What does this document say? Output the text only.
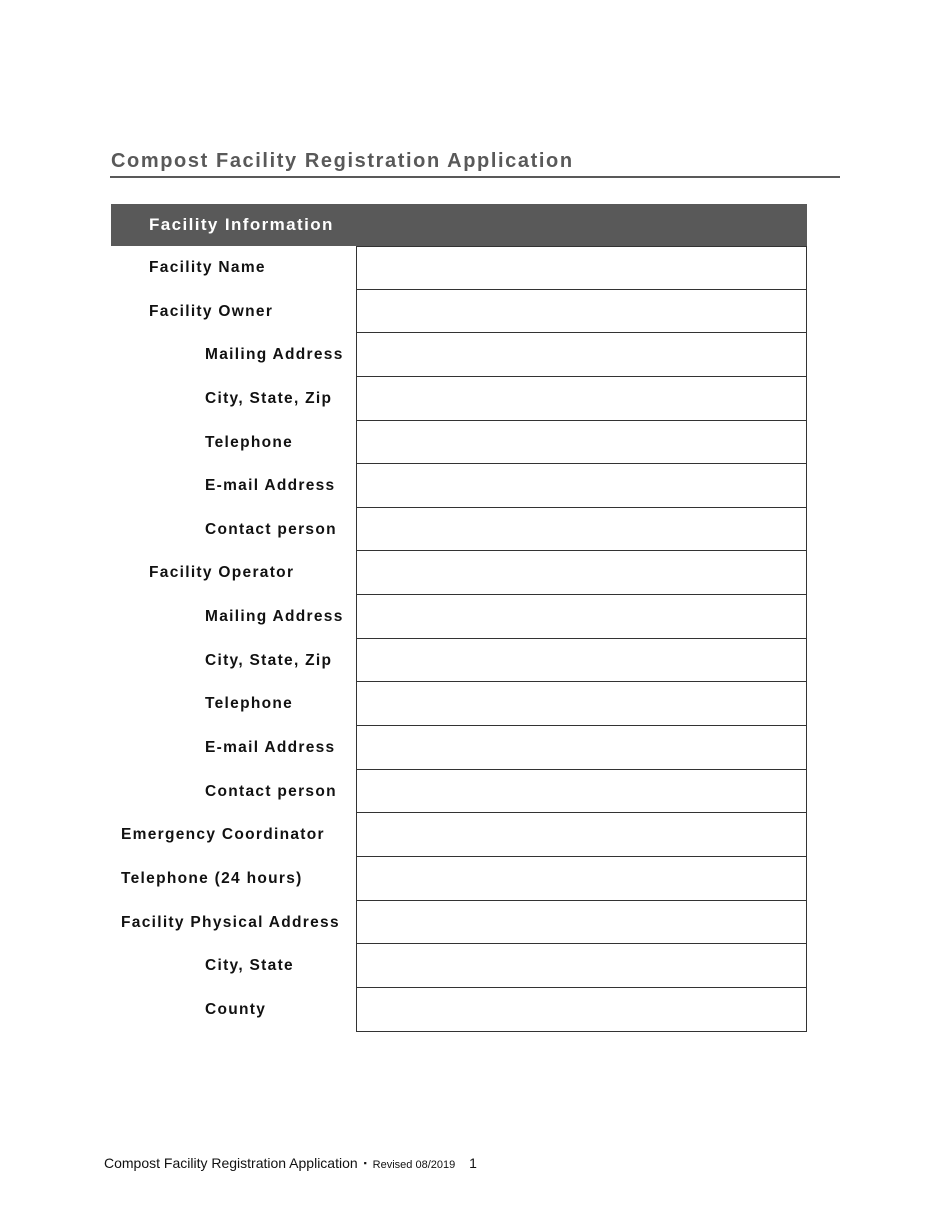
Compost Facility Registration Application
Facility Information
Facility Name
Facility Owner
Mailing Address
City, State, Zip
Telephone
E-mail Address
Contact person
Facility Operator
Mailing Address
City, State, Zip
Telephone
E-mail Address
Contact person
Emergency Coordinator
Telephone (24 hours)
Facility Physical Address
City, State
County
Compost Facility Registration Application ▪ Revised 08/2019 1
